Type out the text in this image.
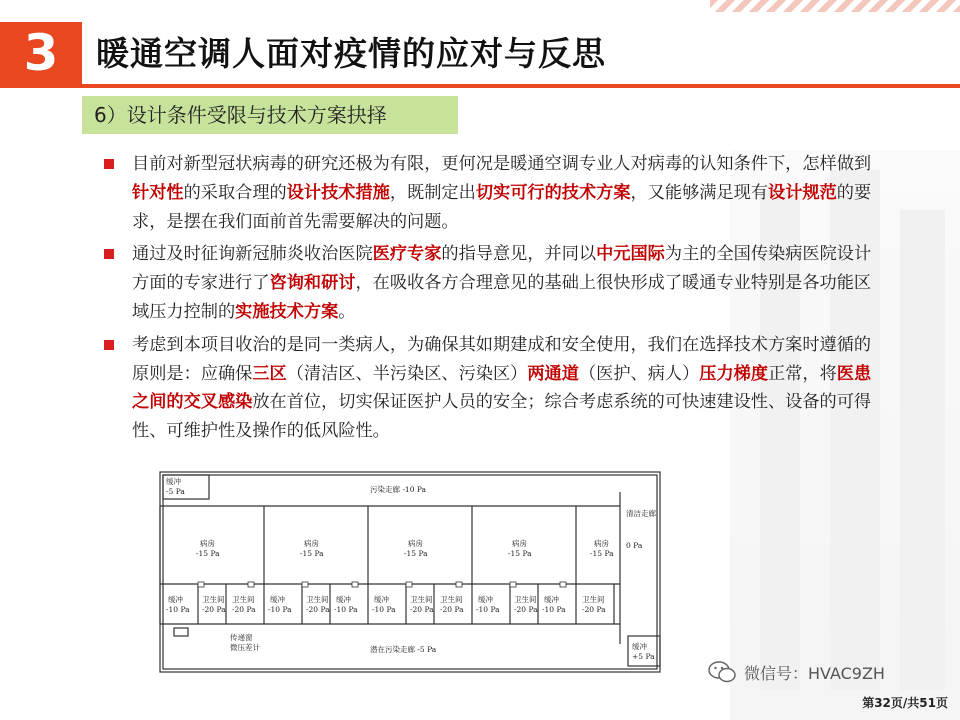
3	暖通空调人面对疫情的应对与反思
6）设计条件受限与技术方案抉择
目前对新型冠状病毒的研究还极为有限，更何况是暖通空调专业人对病毒的认知条件下，怎样做到针对性的采取合理的设计技术措施，既制定出切实可行的技术方案，又能够满足现有设计规范的要求，是摆在我们面前首先需要解决的问题。
通过及时征询新冠肺炎收治医院医疗专家的指导意见，并同以中元国际为主的全国传染病医院设计方面的专家进行了咨询和研讨，在吸收各方合理意见的基础上很快形成了暖通专业特别是各功能区域压力控制的实施技术方案。
考虑到本项目收治的是同一类病人，为确保其如期建成和安全使用，我们在选择技术方案时遵循的原则是：应确保三区（清洁区、半污染区、污染区）两通道（医护、病人）压力梯度正常，将医患之间的交叉感染放在首位，切实保证医护人员的安全；综合考虑系统的可快速建设性、设备的可得性、可维护性及操作的低风险性。
缓冲
-5 Pa	污染走廊 -10 Pa
清洁走廊
0 Pa
病房
-15 Pa
病房
-15 Pa
病房
-15 Pa
病房
-15 Pa
病房
-15 Pa
缓冲
-10 Pa
卫生间
-20 Pa
卫生间
-20 Pa
缓冲
-10 Pa
卫生间
-20 Pa
缓冲
-10 Pa
缓冲
-10 Pa
卫生间
-20 Pa
卫生间
-20 Pa
缓冲
-10 Pa
卫生间
-20 Pa
缓冲
-10 Pa
卫生间
-20 Pa
传递窗
微压差计	潜在污染走廊 -5 Pa	缓冲
+5 Pa
微信号：HVAC9ZH
第32页/共51页
